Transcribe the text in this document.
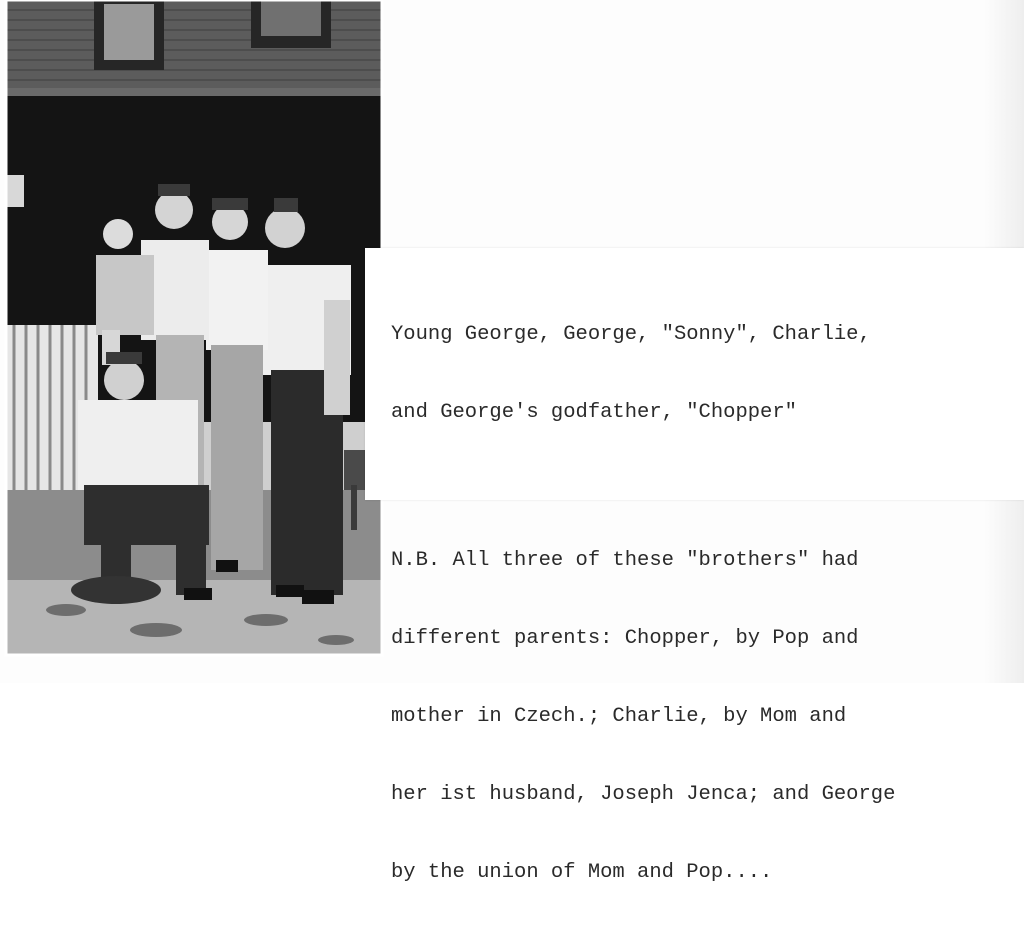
Young George, George, "Sonny", Charlie,

and George's godfather, "Chopper"

N.B. All three of these "brothers" had

different parents: Chopper, by Pop and

mother in Czech.; Charlie, by Mom and

her ist husband, Joseph Jenca; and George

by the union of Mom and Pop....
